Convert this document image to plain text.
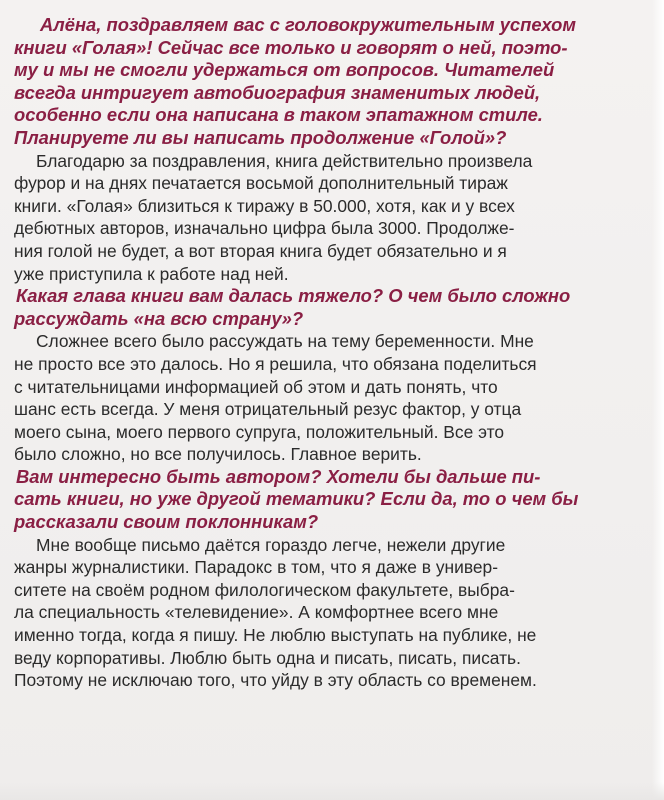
Алёна, поздравляем вас с головокружительным успехом
книги «Голая»! Сейчас все только и говорят о ней, поэто-
му и мы не смогли удержаться от вопросов. Читателей
всегда интригует автобиография знаменитых людей,
особенно если она написана в таком эпатажном стиле.
Планируете ли вы написать продолжение «Голой»?

Благодарю за поздравления, книга действительно произвела
фурор и на днях печатается восьмой дополнительный тираж
книги. «Голая» близиться к тиражу в 50.000, хотя, как и у всех
дебютных авторов, изначально цифра была 3000. Продолже-
ния голой не будет, а вот вторая книга будет обязательно и я
уже приступила к работе над ней.

Какая глава книги вам далась тяжело? О чем было сложно
рассуждать «на всю страну»?

Сложнее всего было рассуждать на тему беременности. Мне
не просто все это далось. Но я решила, что обязана поделиться
с читательницами информацией об этом и дать понять, что
шанс есть всегда. У меня отрицательный резус фактор, у отца
моего сына, моего первого супруга, положительный. Все это
было сложно, но все получилось. Главное верить.

Вам интересно быть автором? Хотели бы дальше пи-
сать книги, но уже другой тематики? Если да, то о чем бы
рассказали своим поклонникам?

Мне вообще письмо даётся гораздо легче, нежели другие
жанры журналистики. Парадокс в том, что я даже в универ-
ситете на своём родном филологическом факультете, выбра-
ла специальность «телевидение». А комфортнее всего мне
именно тогда, когда я пишу. Не люблю выступать на публике, не
веду корпоративы. Люблю быть одна и писать, писать, писать.
Поэтому не исключаю того, что уйду в эту область со временем.
